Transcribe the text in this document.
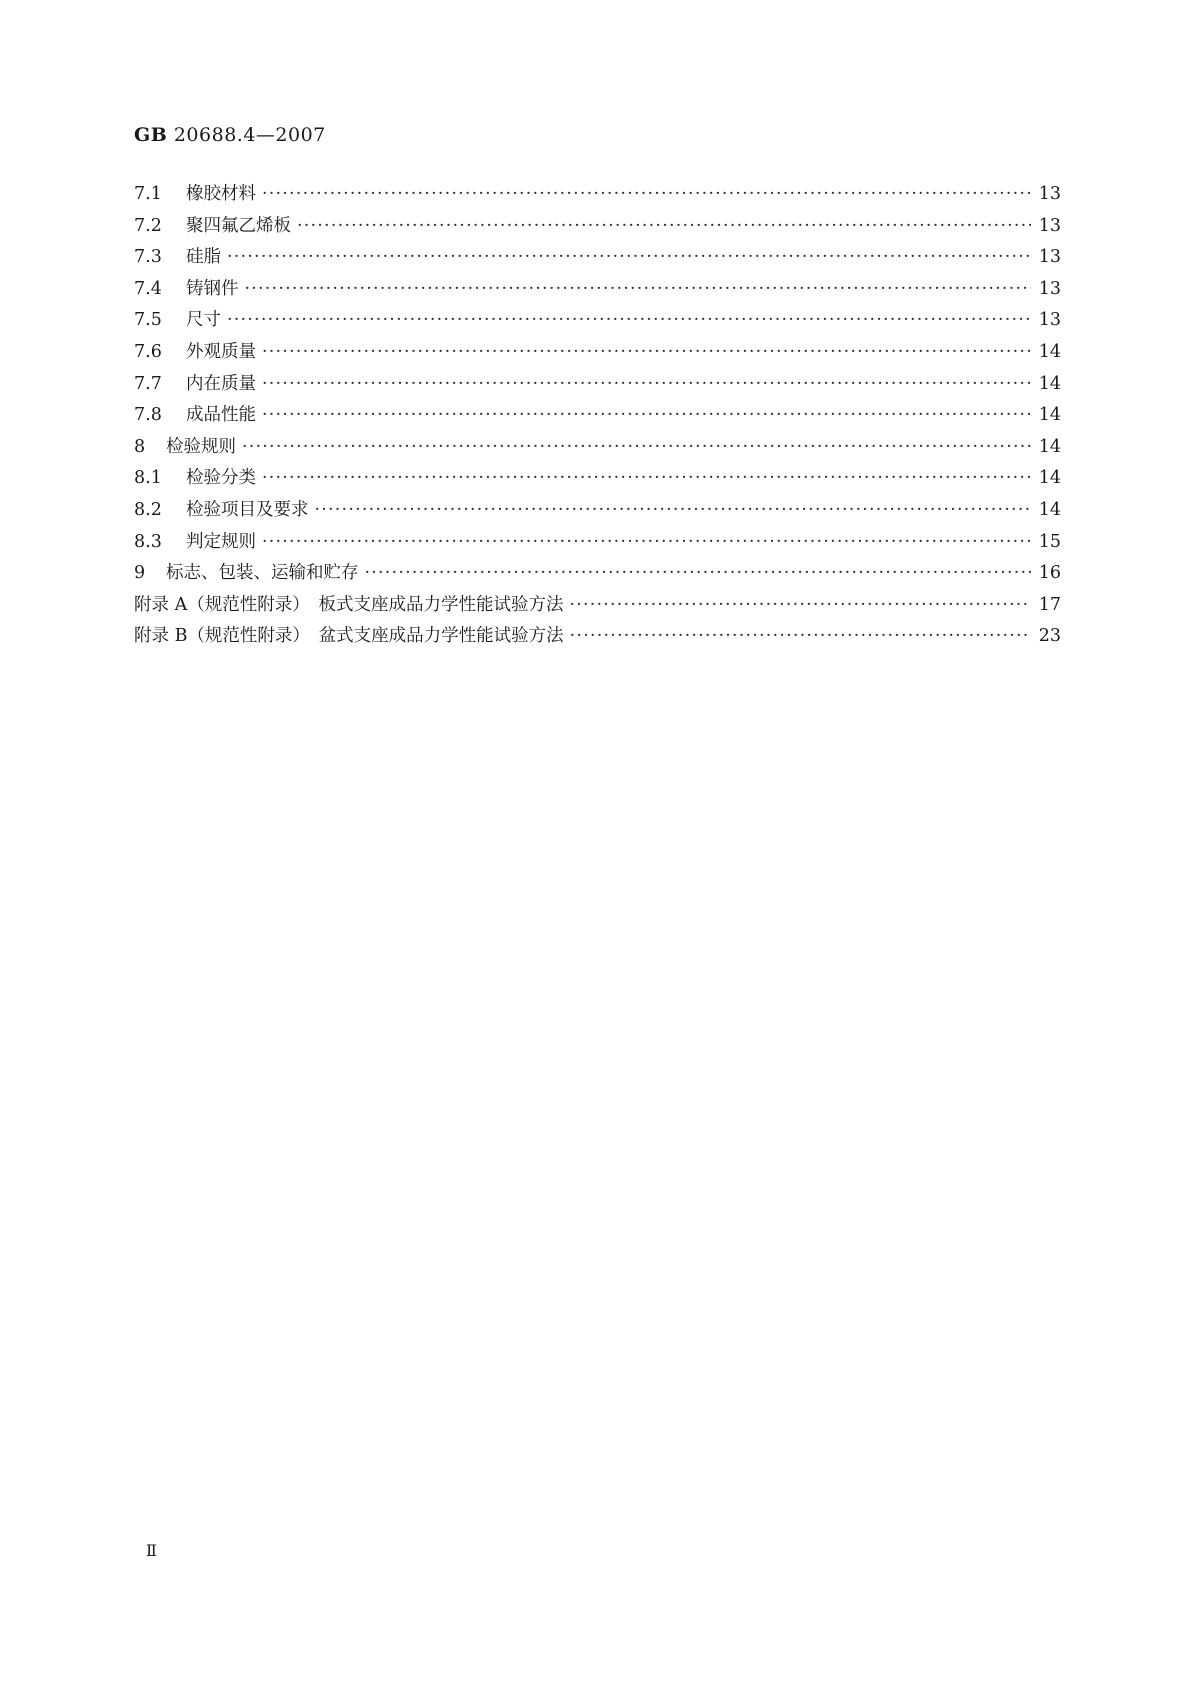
GB 20688.4—2007
7.1	橡胶材料 ·····	13
7.2	聚四氟乙烯板 ·····	13
7.3	硅脂 ·····	13
7.4	铸钢件 ·····	13
7.5	尺寸 ·····	13
7.6	外观质量 ·····	14
7.7	内在质量 ·····	14
7.8	成品性能 ·····	14
8 检验规则 ·····	14
8.1	检验分类 ·····	14
8.2	检验项目及要求 ·····	14
8.3	判定规则 ·····	15
9 标志、包装、运输和贮存 ·····	16
附录 A（规范性附录）　板式支座成品力学性能试验方法 ·····	17
附录 B（规范性附录）　盆式支座成品力学性能试验方法 ·····	23
Ⅱ
